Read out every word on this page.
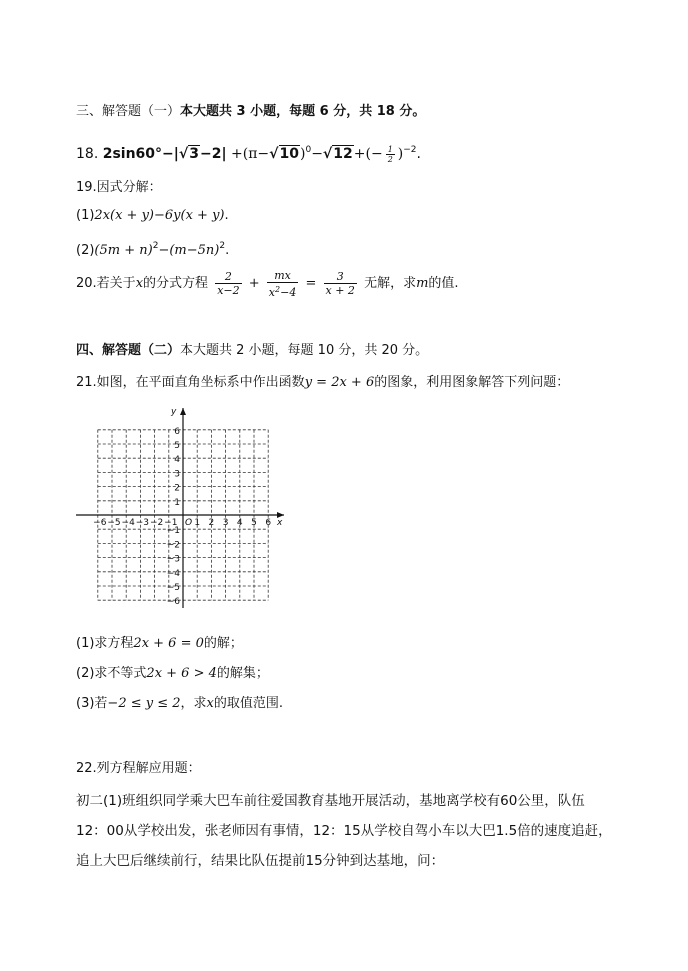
三、解答题（一）本大题共 3 小题，每题 6 分，共 18 分。
18. $2\sin 60^\circ-|√3-2| +(\pi-√10)^0-√12+(- \frac{1}{2} )^{-2}$.
19.因式分解：
(1)2x(x + y)−6y(x + y).
$(2)(5m + n)^2-(m-5n)^2$.
20.若关于x的分式方程 $\frac{2}{x-2} + \frac{mx}{x^2-4} = \frac{3}{x + 2}$ 无解，求m的值.
四、解答题（二）本大题共 2 小题，每题 10 分，共 20 分。
21.如图，在平面直角坐标系中作出函数y = 2x + 6的图象，利用图象解答下列问题：
1 2 3 4 5 6
−6 −5 −4 −3 −2 −1
6
5
4
3
2
1
−1
−2
−3
−4
−5
−6
O	x
y
(1)求方程2x + 6 = 0的解；
(2)求不等式2x + 6 > 4的解集；
(3)若−2 ≤ y ≤ 2，求x的取值范围.
22.列方程解应用题：
初二(1)班组织同学乘大巴车前往爱国教育基地开展活动，基地离学校有60公里，队伍
12：00从学校出发，张老师因有事情，12：15从学校自驾小车以大巴1.5倍的速度追赶，
追上大巴后继续前行，结果比队伍提前15分钟到达基地，问：
